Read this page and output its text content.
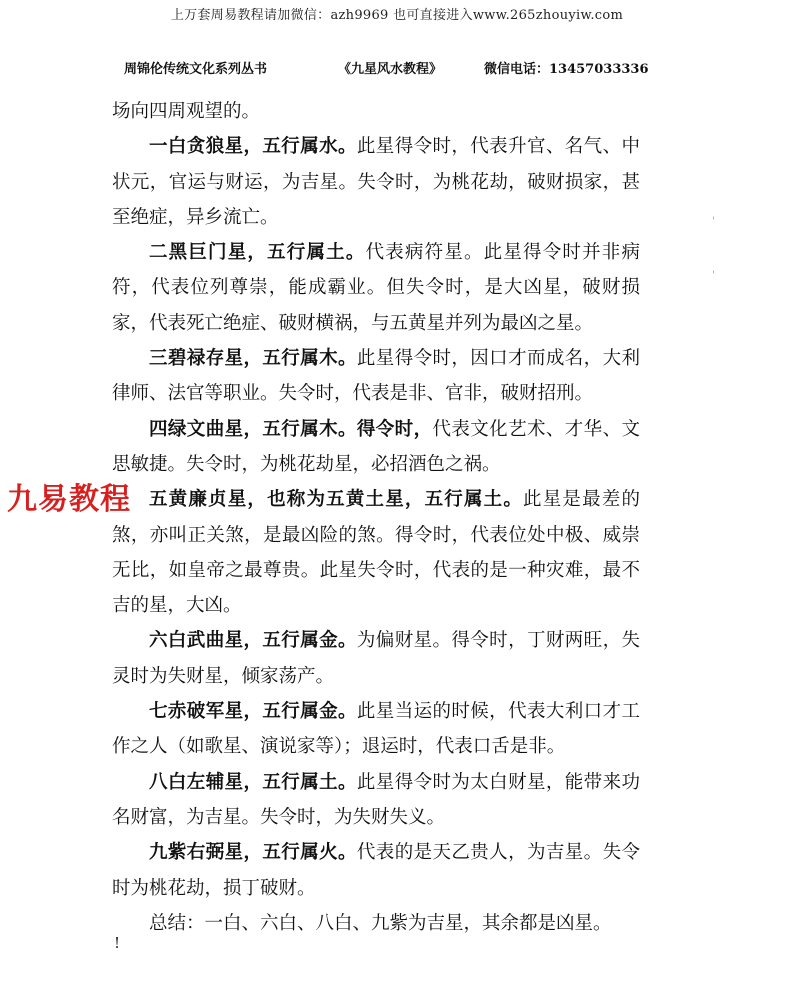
上万套周易教程请加微信：azh9969 也可直接进入www.265zhouyiw.com
周锦伦传统文化系列丛书	《九星风水教程》	微信电话：13457033336

场向四周观望的。

一白贪狼星，五行属水。此星得令时，代表升官、名气、中状元，官运与财运，为吉星。失令时，为桃花劫，破财损家，甚至绝症，异乡流亡。

二黑巨门星，五行属土。代表病符星。此星得令时并非病符，代表位列尊崇，能成霸业。但失令时，是大凶星，破财损家，代表死亡绝症、破财横祸，与五黄星并列为最凶之星。

三碧禄存星，五行属木。此星得令时，因口才而成名，大利律师、法官等职业。失令时，代表是非、官非，破财招刑。

四绿文曲星，五行属木。得令时，代表文化艺术、才华、文思敏捷。失令时，为桃花劫星，必招酒色之祸。

五黄廉贞星，也称为五黄土星，五行属土。此星是最差的煞，亦叫正关煞，是最凶险的煞。得令时，代表位处中极、威崇无比，如皇帝之最尊贵。此星失令时，代表的是一种灾难，最不吉的星，大凶。

六白武曲星，五行属金。为偏财星。得令时，丁财两旺，失灵时为失财星，倾家荡产。

七赤破军星，五行属金。此星当运的时候，代表大利口才工作之人（如歌星、演说家等）；退运时，代表口舌是非。

八白左辅星，五行属土。此星得令时为太白财星，能带来功名财富，为吉星。失令时，为失财失义。

九紫右弼星，五行属火。代表的是天乙贵人，为吉星。失令时为桃花劫，损丁破财。

总结：一白、六白、八白、九紫为吉星，其余都是凶星。

九易教程
'
'
!
